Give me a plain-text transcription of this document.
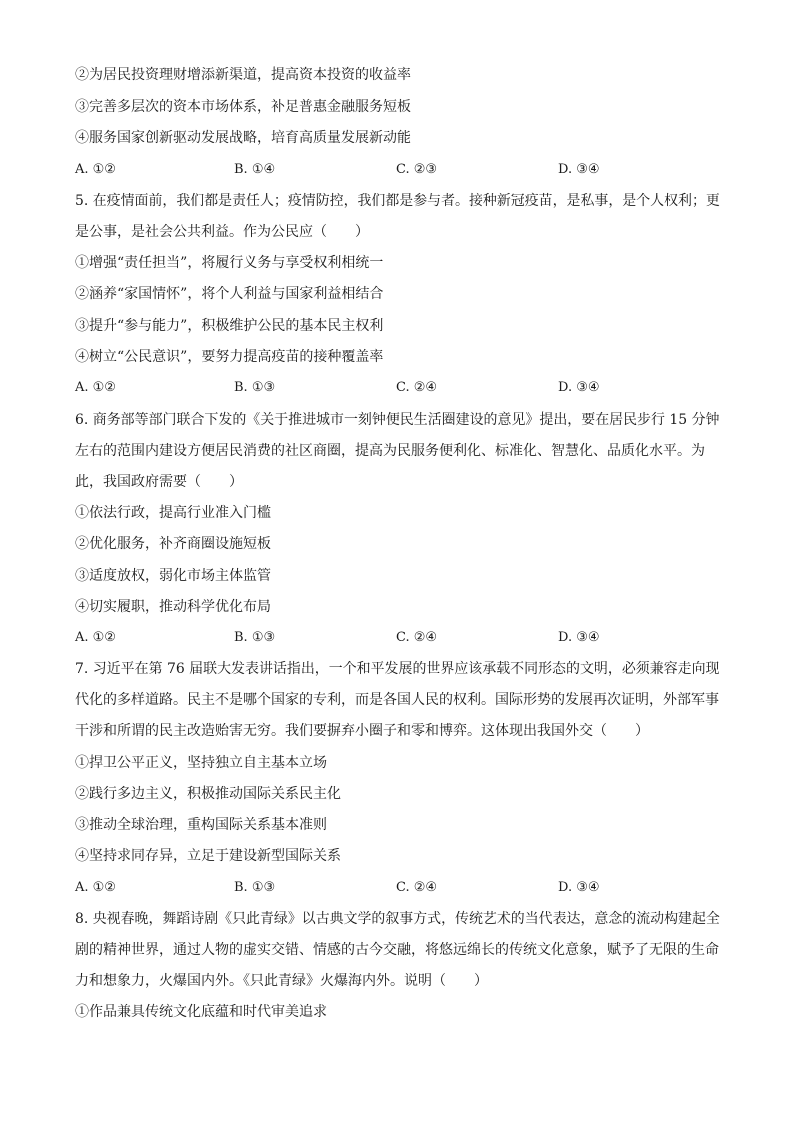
②为居民投资理财增添新渠道，提高资本投资的收益率
③完善多层次的资本市场体系，补足普惠金融服务短板
④服务国家创新驱动发展战略，培育高质量发展新动能
A. ①②	B. ①④	C. ②③	D. ③④
5. 在疫情面前，我们都是责任人；疫情防控，我们都是参与者。接种新冠疫苗，是私事，是个人权利；更
是公事，是社会公共利益。作为公民应（　　）
①增强“责任担当”，将履行义务与享受权利相统一
②涵养“家国情怀”，将个人利益与国家利益相结合
③提升“参与能力”，积极维护公民的基本民主权利
④树立“公民意识”，要努力提高疫苗的接种覆盖率
A. ①②	B. ①③	C. ②④	D. ③④
6. 商务部等部门联合下发的《关于推进城市一刻钟便民生活圈建设的意见》提出，要在居民步行 15 分钟
左右的范围内建设方便居民消费的社区商圈，提高为民服务便利化、标准化、智慧化、品质化水平。为
此，我国政府需要（　　）
①依法行政，提高行业准入门槛
②优化服务，补齐商圈设施短板
③适度放权，弱化市场主体监管
④切实履职，推动科学优化布局
A. ①②	B. ①③	C. ②④	D. ③④
7. 习近平在第 76 届联大发表讲话指出，一个和平发展的世界应该承载不同形态的文明，必须兼容走向现
代化的多样道路。民主不是哪个国家的专利，而是各国人民的权利。国际形势的发展再次证明，外部军事
干涉和所谓的民主改造贻害无穷。我们要摒弃小圈子和零和博弈。这体现出我国外交（　　）
①捍卫公平正义，坚持独立自主基本立场
②践行多边主义，积极推动国际关系民主化
③推动全球治理，重构国际关系基本准则
④坚持求同存异，立足于建设新型国际关系
A. ①②	B. ①③	C. ②④	D. ③④
8. 央视春晚，舞蹈诗剧《只此青绿》以古典文学的叙事方式，传统艺术的当代表达，意念的流动构建起全
剧的精神世界，通过人物的虚实交错、情感的古今交融，将悠远绵长的传统文化意象，赋予了无限的生命
力和想象力，火爆国内外。《只此青绿》火爆海内外。说明（　　）
①作品兼具传统文化底蕴和时代审美追求
